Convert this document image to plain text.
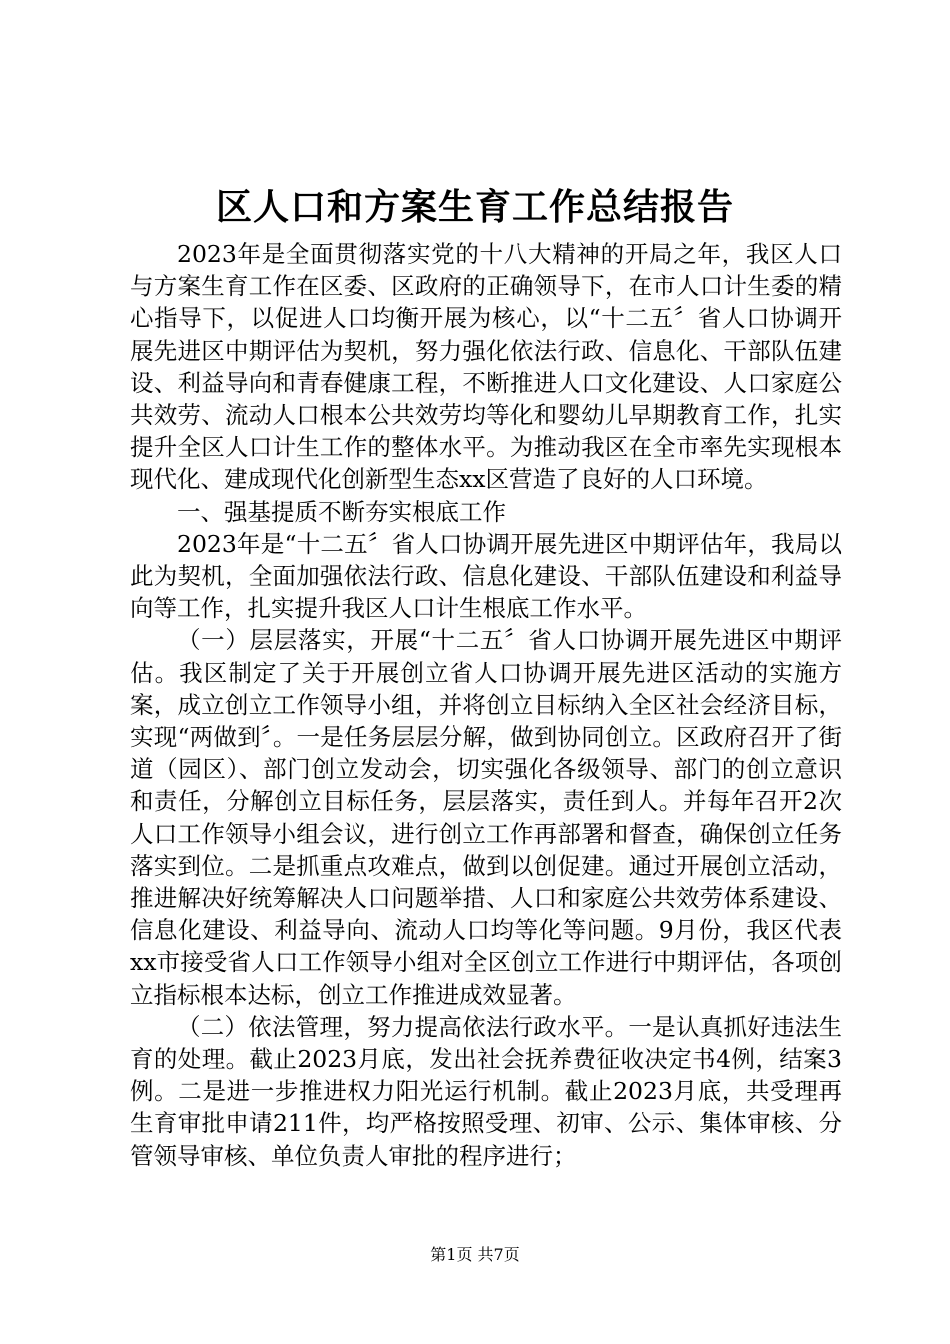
区人口和方案生育工作总结报告

2023年是全面贯彻落实党的十八大精神的开局之年，我区人口与方案生育工作在区委、区政府的正确领导下，在市人口计生委的精心指导下，以促进人口均衡开展为核心，以“十二五〞省人口协调开展先进区中期评估为契机，努力强化依法行政、信息化、干部队伍建设、利益导向和青春健康工程，不断推进人口文化建设、人口家庭公共效劳、流动人口根本公共效劳均等化和婴幼儿早期教育工作，扎实提升全区人口计生工作的整体水平。为推动我区在全市率先实现根本现代化、建成现代化创新型生态xx区营造了良好的人口环境。

一、强基提质不断夯实根底工作

2023年是“十二五〞省人口协调开展先进区中期评估年，我局以此为契机，全面加强依法行政、信息化建设、干部队伍建设和利益导向等工作，扎实提升我区人口计生根底工作水平。

（一）层层落实，开展“十二五〞省人口协调开展先进区中期评估。我区制定了关于开展创立省人口协调开展先进区活动的实施方案，成立创立工作领导小组，并将创立目标纳入全区社会经济目标，实现“两做到〞。一是任务层层分解，做到协同创立。区政府召开了街道（园区）、部门创立发动会，切实强化各级领导、部门的创立意识和责任，分解创立目标任务，层层落实，责任到人。并每年召开2次人口工作领导小组会议，进行创立工作再部署和督查，确保创立任务落实到位。二是抓重点攻难点，做到以创促建。通过开展创立活动，推进解决好统筹解决人口问题举措、人口和家庭公共效劳体系建设、信息化建设、利益导向、流动人口均等化等问题。9月份，我区代表xx市接受省人口工作领导小组对全区创立工作进行中期评估，各项创立指标根本达标，创立工作推进成效显著。

（二）依法管理，努力提高依法行政水平。一是认真抓好违法生育的处理。截止2023月底，发出社会抚养费征收决定书4例，结案3例。二是进一步推进权力阳光运行机制。截止2023月底，共受理再生育审批申请211件，均严格按照受理、初审、公示、集体审核、分管领导审核、单位负责人审批的程序进行；

第1页 共7页
